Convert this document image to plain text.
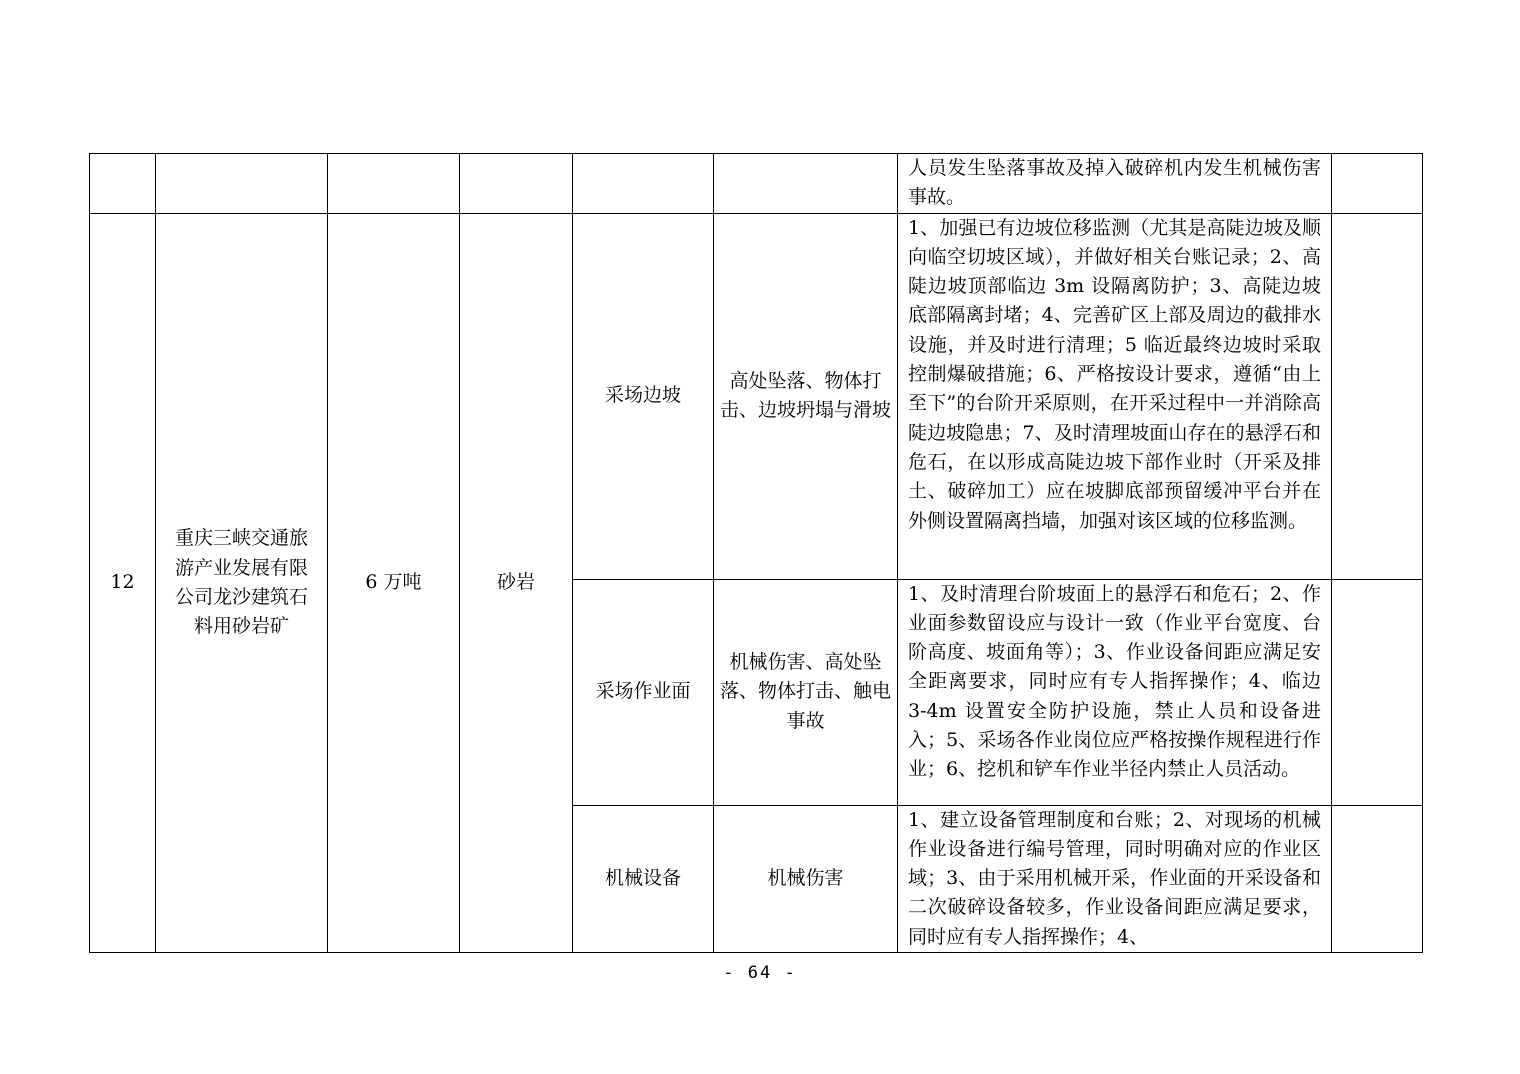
						人员发生坠落事故及掉入破碎机内发生机械伤害事故。	
12	重庆三峡交通旅游产业发展有限公司龙沙建筑石料用砂岩矿	6 万吨	砂岩	采场边坡	高处坠落、物体打击、边坡坍塌与滑坡	1、加强已有边坡位移监测（尤其是高陡边坡及顺向临空切坡区域），并做好相关台账记录；2、高陡边坡顶部临边 3m 设隔离防护；3、高陡边坡底部隔离封堵；4、完善矿区上部及周边的截排水设施，并及时进行清理；5 临近最终边坡时采取控制爆破措施；6、严格按设计要求，遵循“由上至下”的台阶开采原则，在开采过程中一并消除高陡边坡隐患；7、及时清理坡面山存在的悬浮石和危石，在以形成高陡边坡下部作业时（开采及排土、破碎加工）应在坡脚底部预留缓冲平台并在外侧设置隔离挡墙，加强对该区域的位移监测。	
				采场作业面	机械伤害、高处坠落、物体打击、触电事故	1、及时清理台阶坡面上的悬浮石和危石；2、作业面参数留设应与设计一致（作业平台宽度、台阶高度、坡面角等）；3、作业设备间距应满足安全距离要求，同时应有专人指挥操作；4、临边 3-4m 设置安全防护设施，禁止人员和设备进入；5、采场各作业岗位应严格按操作规程进行作业；6、挖机和铲车作业半径内禁止人员活动。	
				机械设备	机械伤害	1、建立设备管理制度和台账；2、对现场的机械作业设备进行编号管理，同时明确对应的作业区域；3、由于采用机械开采，作业面的开采设备和二次破碎设备较多，作业设备间距应满足要求，同时应有专人指挥操作；4、	
- 64 -
